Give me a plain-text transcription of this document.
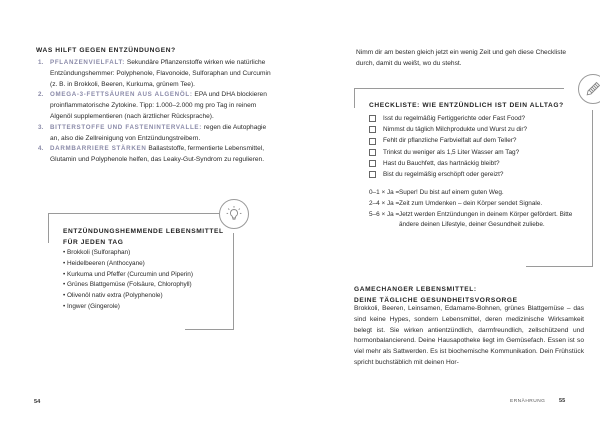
WAS HILFT GEGEN ENTZÜNDUNGEN?
1. PFLANZENVIELFALT: Sekundäre Pflanzenstoffe wirken wie natürliche Entzündungshemmer: Polyphenole, Flavonoide, Sulforaphan und Curcumin (z. B. in Brokkoli, Beeren, Kurkuma, grünem Tee).
2. OMEGA-3-FETTSÄUREN AUS ALGENÖL: EPA und DHA blockieren proinflammatorische Zytokine. Tipp: 1.000–2.000 mg pro Tag in reinem Algenöl supplementieren (nach ärztlicher Rücksprache).
3. BITTERSTOFFE UND FASTENINTERVALLE: regen die Autophagie an, also die Zellreinigung von Entzündungstreibern.
4. DARMBARRIERE STÄRKEN Ballaststoffe, fermentierte Lebensmittel, Glutamin und Polyphenole helfen, das Leaky-Gut-Syndrom zu regulieren.
ENTZÜNDUNGSHEMMENDE LEBENSMITTEL
FÜR JEDEN TAG
• Brokkoli (Sulforaphan)
• Heidelbeeren (Anthocyane)
• Kurkuma und Pfeffer (Curcumin und Piperin)
• Grünes Blattgemüse (Folsäure, Chlorophyll)
• Olivenöl nativ extra (Polyphenole)
• Ingwer (Gingerole)
54
Nimm dir am besten gleich jetzt ein wenig Zeit und geh diese Checkliste durch, damit du weißt, wo du stehst.
CHECKLISTE: WIE ENTZÜNDLICH IST DEIN ALLTAG?
Isst du regelmäßig Fertiggerichte oder Fast Food?
Nimmst du täglich Milchprodukte und Wurst zu dir?
Fehlt dir pflanzliche Farbvielfalt auf dem Teller?
Trinkst du weniger als 1,5 Liter Wasser am Tag?
Hast du Bauchfett, das hartnäckig bleibt?
Bist du regelmäßig erschöpft oder gereizt?
0–1 × Ja = Super! Du bist auf einem guten Weg.
2–4 × Ja = Zeit zum Umdenken – dein Körper sendet Signale.
5–6 × Ja = Jetzt werden Entzündungen in deinem Körper gefördert. Bitte ändere deinen Lifestyle, deiner Gesundheit zuliebe.
GAMECHANGER LEBENSMITTEL:
DEINE TÄGLICHE GESUNDHEITSVORSORGE
Brokkoli, Beeren, Leinsamen, Edamame-Bohnen, grünes Blattgemüse – das sind keine Hypes, sondern Lebensmittel, deren medizinische Wirksamkeit belegt ist. Sie wirken antientzündlich, darmfreundlich, zellschützend und hormonbalancierend. Deine Hausapotheke liegt im Gemüsefach. Essen ist so viel mehr als Sattwerden. Es ist biochemische Kommunikation. Dein Frühstück spricht buchstäblich mit deinen Hor-
ERNÄHRUNG 55
